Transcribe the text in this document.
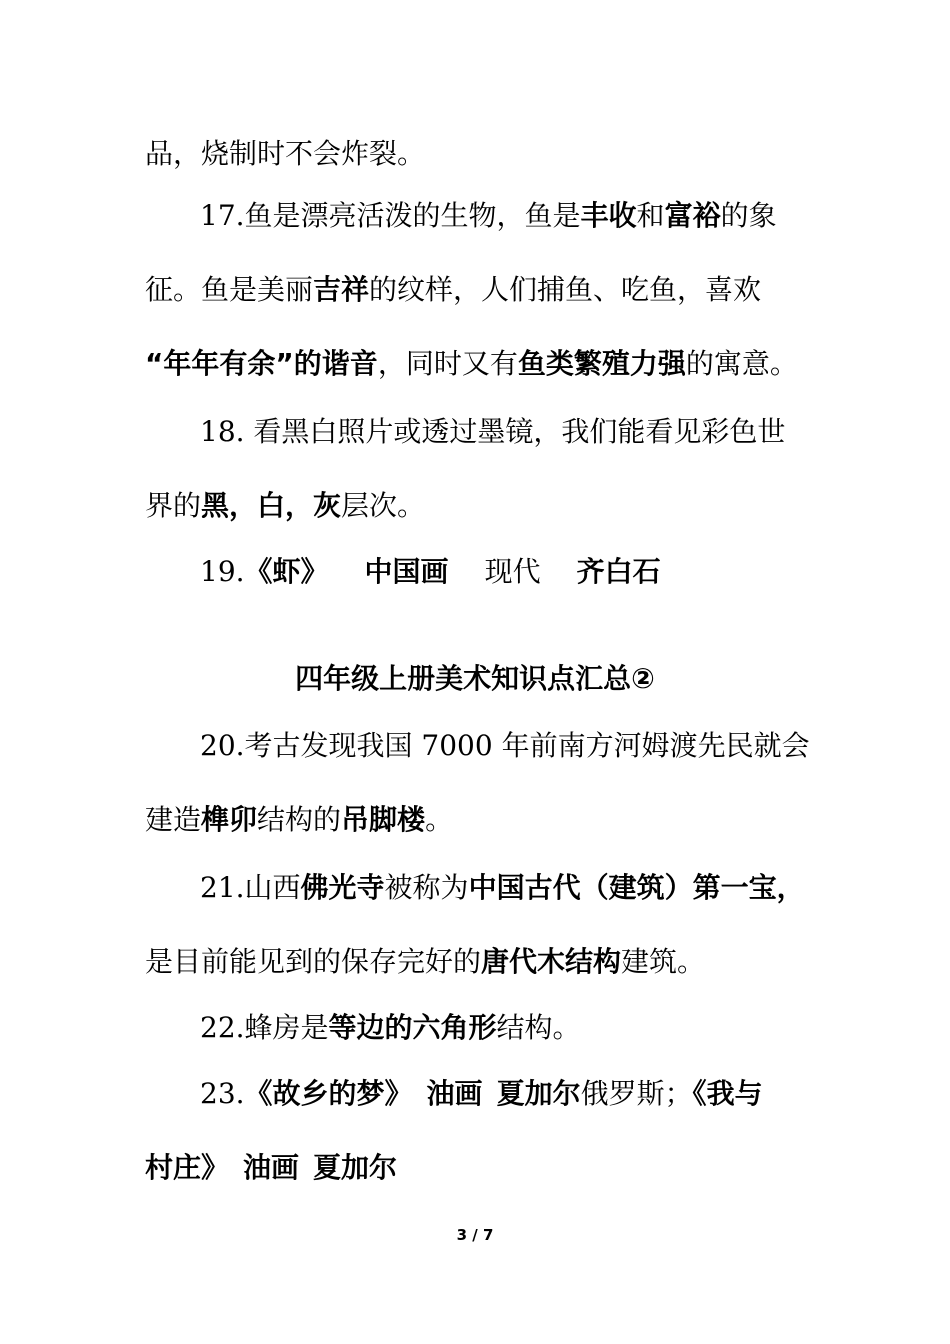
品，烧制时不会炸裂。
17.鱼是漂亮活泼的生物，鱼是丰收和富裕的象
征。鱼是美丽吉祥的纹样，人们捕鱼、吃鱼，喜欢
“年年有余”的谐音，同时又有鱼类繁殖力强的寓意。
18. 看黑白照片或透过墨镜，我们能看见彩色世
界的黑，白，灰层次。
19.《虾》 中国画 现代 齐白石
四年级上册美术知识点汇总②
20.考古发现我国 7000 年前南方河姆渡先民就会
建造榫卯结构的吊脚楼。
21.山西佛光寺被称为中国古代（建筑）第一宝，
是目前能见到的保存完好的唐代木结构建筑。
22.蜂房是等边的六角形结构。
23.《故乡的梦》 油画 夏加尔俄罗斯；《我与
村庄》 油画 夏加尔
3 / 7
